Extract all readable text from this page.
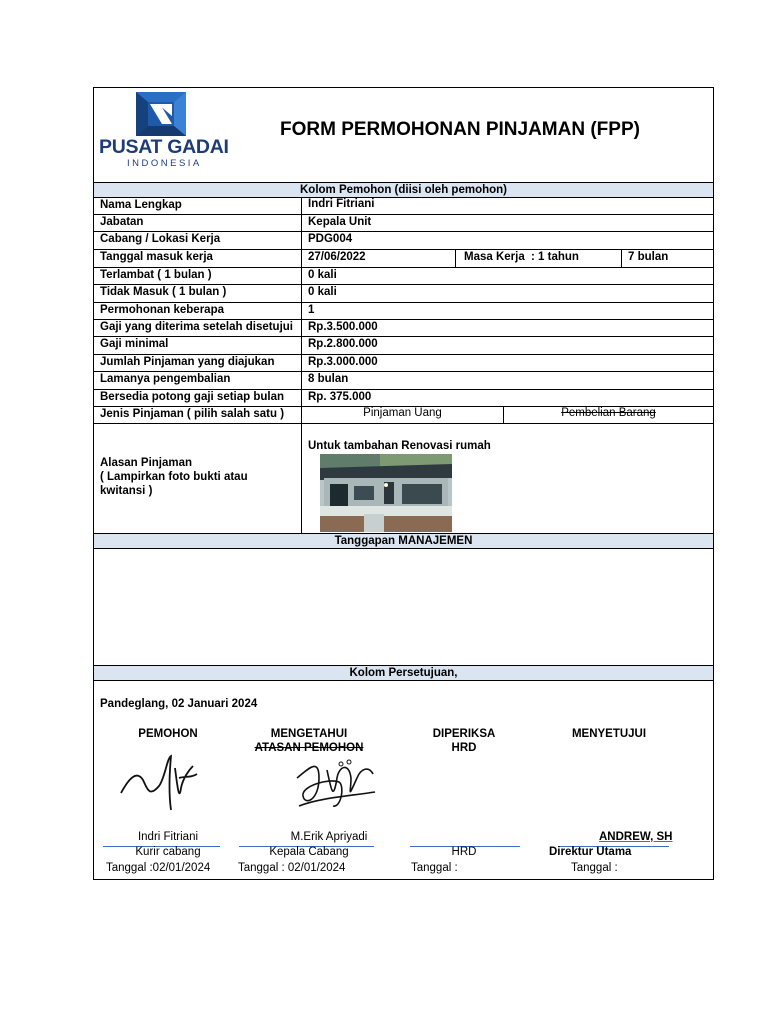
PUSAT GADAI
INDONESIA
FORM PERMOHONAN PINJAMAN (FPP)
Kolom Pemohon (diisi oleh pemohon)
Nama Lengkap	Indri Fitriani
Jabatan	Kepala Unit
Cabang / Lokasi Kerja	PDG004
Tanggal masuk kerja	27/06/2022	Masa Kerja : 1 tahun	7 bulan
Terlambat ( 1 bulan )	0 kali
Tidak Masuk ( 1 bulan )	0 kali
Permohonan keberapa	1
Gaji yang diterima setelah disetujui Rp.3.500.000
Gaji minimal	Rp.2.800.000
Jumlah Pinjaman yang diajukan	Rp.3.000.000
Lamanya pengembalian	8 bulan
Bersedia potong gaji setiap bulan Rp. 375.000
Jenis Pinjaman ( pilih salah satu )	Pinjaman Uang	Pembelian Barang
Alasan Pinjaman
( Lampirkan foto bukti atau
kwitansi )
Untuk tambahan Renovasi rumah
Tanggapan MANAJEMEN
Kolom Persetujuan,
Pandeglang, 02 Januari 2024
PEMOHON
Indri Fitriani
Kurir cabang
Tanggal :02/01/2024
MENGETAHUI
ATASAN PEMOHON
M.Erik Apriyadi
Kepala Cabang
Tanggal : 02/01/2024
DIPERIKSA
HRD
HRD
Tanggal :
MENYETUJUI
ANDREW, SH
Direktur Utama
Tanggal :
